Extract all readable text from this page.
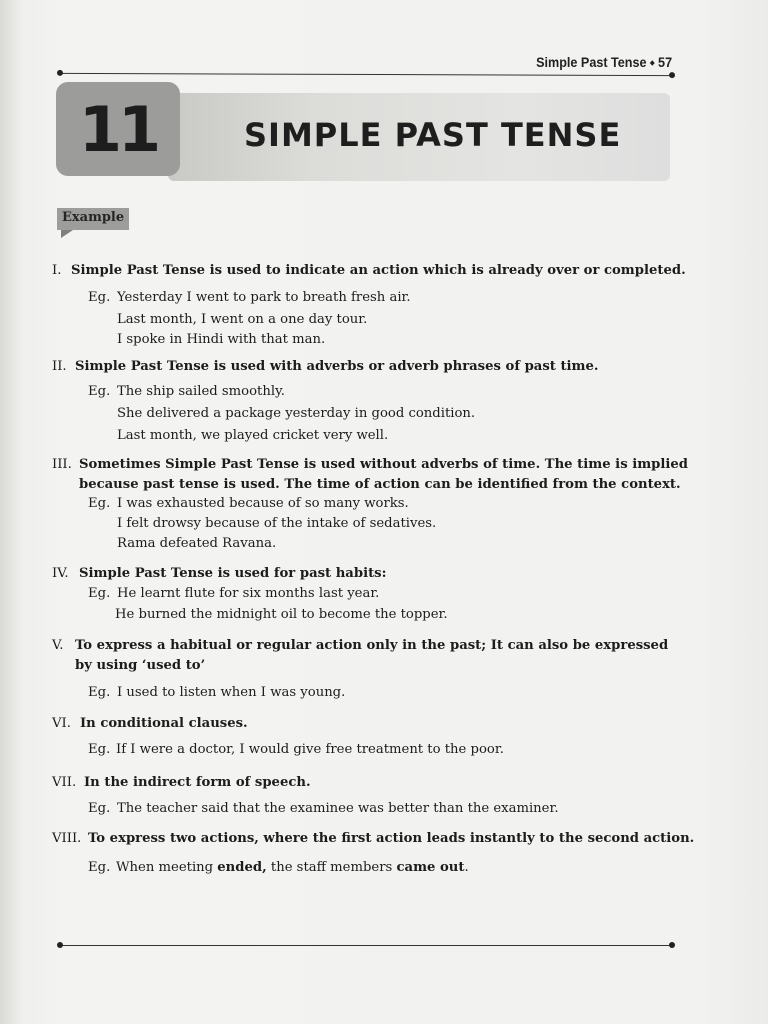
Simple Past Tense ⬩ 57
11	SIMPLE PAST TENSE
Example
I. Simple Past Tense is used to indicate an action which is already over or completed.
Eg. Yesterday I went to park to breath fresh air.
Last month, I went on a one day tour.
I spoke in Hindi with that man.
II. Simple Past Tense is used with adverbs or adverb phrases of past time.
Eg. The ship sailed smoothly.
She delivered a package yesterday in good condition.
Last month, we played cricket very well.
III. Sometimes Simple Past Tense is used without adverbs of time. The time is implied
because past tense is used. The time of action can be identified from the context.
Eg. I was exhausted because of so many works.
I felt drowsy because of the intake of sedatives.
Rama defeated Ravana.
IV. Simple Past Tense is used for past habits:
Eg. He learnt flute for six months last year.
He burned the midnight oil to become the topper.
V. To express a habitual or regular action only in the past; It can also be expressed
by using ‘used to’
Eg. I used to listen when I was young.
VI. In conditional clauses.
Eg. If I were a doctor, I would give free treatment to the poor.
VII. In the indirect form of speech.
Eg. The teacher said that the examinee was better than the examiner.
VIII. To express two actions, where the first action leads instantly to the second action.
Eg. When meeting ended, the staff members came out.
